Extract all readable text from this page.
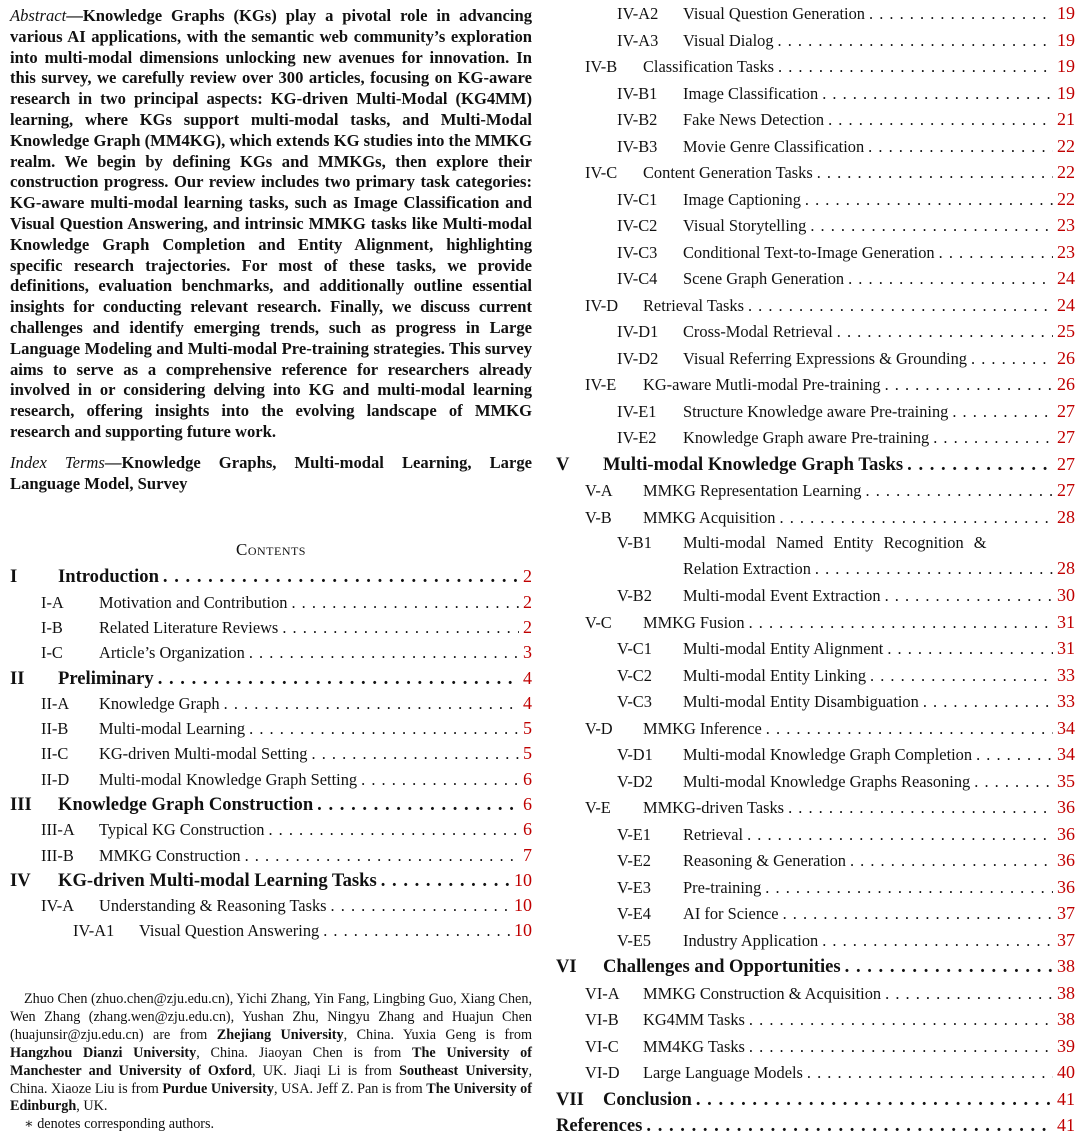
Abstract—Knowledge Graphs (KGs) play a pivotal role in advancing various AI applications, with the semantic web community’s exploration into multi-modal dimensions unlocking new avenues for innovation. In this survey, we carefully review over 300 articles, focusing on KG-aware research in two principal aspects: KG-driven Multi-Modal (KG4MM) learning, where KGs support multi-modal tasks, and Multi-Modal Knowledge Graph (MM4KG), which extends KG studies into the MMKG realm. We begin by defining KGs and MMKGs, then explore their construction progress. Our review includes two primary task categories: KG-aware multi-modal learning tasks, such as Image Classification and Visual Question Answering, and intrinsic MMKG tasks like Multi-modal Knowledge Graph Completion and Entity Alignment, highlighting specific research trajectories. For most of these tasks, we provide definitions, evaluation benchmarks, and additionally outline essential insights for conducting relevant research. Finally, we discuss current challenges and identify emerging trends, such as progress in Large Language Modeling and Multi-modal Pre-training strategies. This survey aims to serve as a comprehensive reference for researchers already involved in or considering delving into KG and multi-modal learning research, offering insights into the evolving landscape of MMKG research and supporting future work.

Index Terms—Knowledge Graphs, Multi-modal Learning, Large Language Model, Survey

Contents
I	Introduction . . .	2
I-A	Motivation and Contribution . . .	2
I-B	Related Literature Reviews . . .	2
I-C	Article’s Organization . . .	3
II	Preliminary . . .	4
II-A	Knowledge Graph . . .	4
II-B	Multi-modal Learning . . .	5
II-C	KG-driven Multi-modal Setting . . .	5
II-D	Multi-modal Knowledge Graph Setting . . .	6
III	Knowledge Graph Construction . . .	6
III-A	Typical KG Construction . . .	6
III-B	MMKG Construction . . .	7
IV	KG-driven Multi-modal Learning Tasks . . .	10
IV-A	Understanding & Reasoning Tasks . . .	10
IV-A1	Visual Question Answering . . .	10

Zhuo Chen (zhuo.chen@zju.edu.cn), Yichi Zhang, Yin Fang, Lingbing Guo, Xiang Chen, Wen Zhang (zhang.wen@zju.edu.cn), Yushan Zhu, Ningyu Zhang and Huajun Chen (huajunsir@zju.edu.cn) are from Zhejiang University, China. Yuxia Geng is from Hangzhou Dianzi University, China. Jiaoyan Chen is from The University of Manchester and University of Oxford, UK. Jiaqi Li is from Southeast University, China. Xiaoze Liu is from Purdue University, USA. Jeff Z. Pan is from The University of Edinburgh, UK.

∗ denotes corresponding authors.

IV-A2	Visual Question Generation . . .	19
IV-A3	Visual Dialog . . .	19
IV-B	Classification Tasks . . .	19
IV-B1	Image Classification . . .	19
IV-B2	Fake News Detection . . .	21
IV-B3	Movie Genre Classification . . .	22
IV-C	Content Generation Tasks . . .	22
IV-C1	Image Captioning . . .	22
IV-C2	Visual Storytelling . . .	23
IV-C3	Conditional Text-to-Image Generation . . .	23
IV-C4	Scene Graph Generation . . .	24
IV-D	Retrieval Tasks . . .	24
IV-D1	Cross-Modal Retrieval . . .	25
IV-D2	Visual Referring Expressions & Grounding . . .	26
IV-E	KG-aware Mutli-modal Pre-training . . .	26
IV-E1	Structure Knowledge aware Pre-training . . .	27
IV-E2	Knowledge Graph aware Pre-training . . .	27
V	Multi-modal Knowledge Graph Tasks . . .	27
V-A	MMKG Representation Learning . . .	27
V-B	MMKG Acquisition . . .	28
V-B1	Multi-modal Named Entity Recognition &
Relation Extraction . . .	28
V-B2	Multi-modal Event Extraction . . .	30
V-C	MMKG Fusion . . .	31
V-C1	Multi-modal Entity Alignment . . .	31
V-C2	Multi-modal Entity Linking . . .	33
V-C3	Multi-modal Entity Disambiguation . . .	33
V-D	MMKG Inference . . .	34
V-D1	Multi-modal Knowledge Graph Completion . . .	34
V-D2	Multi-modal Knowledge Graphs Reasoning . . .	35
V-E	MMKG-driven Tasks . . .	36
V-E1	Retrieval . . .	36
V-E2	Reasoning & Generation . . .	36
V-E3	Pre-training . . .	36
V-E4	AI for Science . . .	37
V-E5	Industry Application . . .	37
VI	Challenges and Opportunities . . .	38
VI-A	MMKG Construction & Acquisition . . .	38
VI-B	KG4MM Tasks . . .	38
VI-C	MM4KG Tasks . . .	39
VI-D	Large Language Models . . .	40
VII	Conclusion . . .	41
References . . .	41
